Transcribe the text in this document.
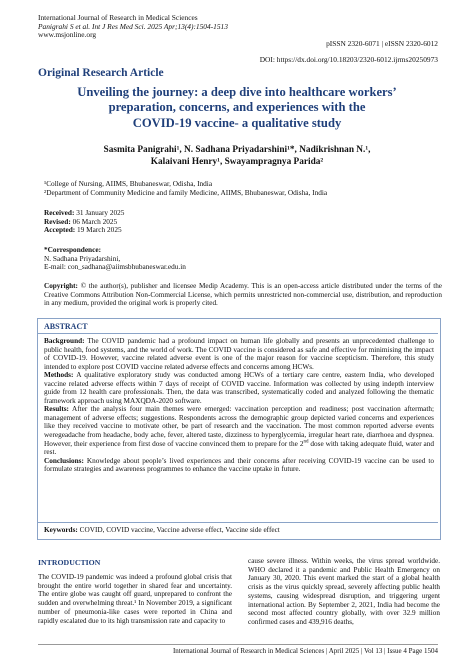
International Journal of Research in Medical Sciences
Panigrahi S et al. Int J Res Med Sci. 2025 Apr;13(4):1504-1513
www.msjonline.org
pISSN 2320-6071 | eISSN 2320-6012
DOI: https://dx.doi.org/10.18203/2320-6012.ijrms20250973
Original Research Article
Unveiling the journey: a deep dive into healthcare workers’
preparation, concerns, and experiences with the
COVID-19 vaccine- a qualitative study
Sasmita Panigrahi¹, N. Sadhana Priyadarshini¹*, Nadikrishnan N.¹,
Kalaivani Henry¹, Swayampragnya Parida²
¹College of Nursing, AIIMS, Bhubaneswar, Odisha, India
²Department of Community Medicine and family Medicine, AIIMS, Bhubaneswar, Odisha, India
Received: 31 January 2025
Revised: 06 March 2025
Accepted: 19 March 2025
*Correspondence:
N. Sadhana Priyadarshini,
E-mail: con_sadhana@aiimsbhubaneswar.edu.in
Copyright: © the author(s), publisher and licensee Medip Academy. This is an open-access article distributed under the terms of the Creative Commons Attribution Non-Commercial License, which permits unrestricted non-commercial use, distribution, and reproduction in any medium, provided the original work is properly cited.
ABSTRACT

Background: The COVID pandemic had a profound impact on human life globally and presents an unprecedented challenge to public health, food systems, and the world of work. The COVID vaccine is considered as safe and effective for minimising the impact of COVID-19. However, vaccine related adverse event is one of the major reason for vaccine scepticism. Therefore, this study intended to explore post COVID vaccine related adverse effects and concerns among HCWs.

Methods: A qualitative exploratory study was conducted among HCWs of a tertiary care centre, eastern India, who developed vaccine related adverse effects within 7 days of receipt of COVID vaccine. Information was collected by using indepth interview guide from 12 health care professionals. Then, the data was transcribed, systematically coded and analyzed following the thematic framework approach using MAXQDA-2020 software.

Results: After the analysis four main themes were emerged: vaccination perception and readiness; post vaccination aftermath; management of adverse effects; suggestions. Respondents across the demographic group depicted varied concerns and experiences like they received vaccine to motivate other, be part of research and the vaccination. The most common reported adverse events weregeadache from headache, body ache, fever, altered taste, dizziness to hyperglycemia, irregular heart rate, diarrhoea and dyspnea. However, their experience from first dose of vaccine convinced them to prepare for the 2nd dose with taking adequate fluid, water and rest.

Conclusions: Knowledge about people’s lived experiences and their concerns after receiving COVID-19 vaccine can be used to formulate strategies and awareness programmes to enhance the vaccine uptake in future.

Keywords: COVID, COVID vaccine, Vaccine adverse effect, Vaccine side effect
INTRODUCTION
The COVID-19 pandemic was indeed a profound global crisis that brought the entire world together in shared fear and uncertainty. The entire globe was caught off guard, unprepared to confront the sudden and overwhelming threat.¹ In November 2019, a significant number of pneumonia-like cases were reported in China and rapidly escalated due to its high transmission rate and capacity to
cause severe illness. Within weeks, the virus spread worldwide. WHO declared it a pandemic and Public Health Emergency on January 30, 2020. This event marked the start of a global health crisis as the virus quickly spread, severely affecting public health systems, causing widespread disruption, and triggering urgent international action. By September 2, 2021, India had become the second most affected country globally, with over 32.9 million confirmed cases and 439,916 deaths,
International Journal of Research in Medical Sciences | April 2025 | Vol 13 | Issue 4 Page 1504
